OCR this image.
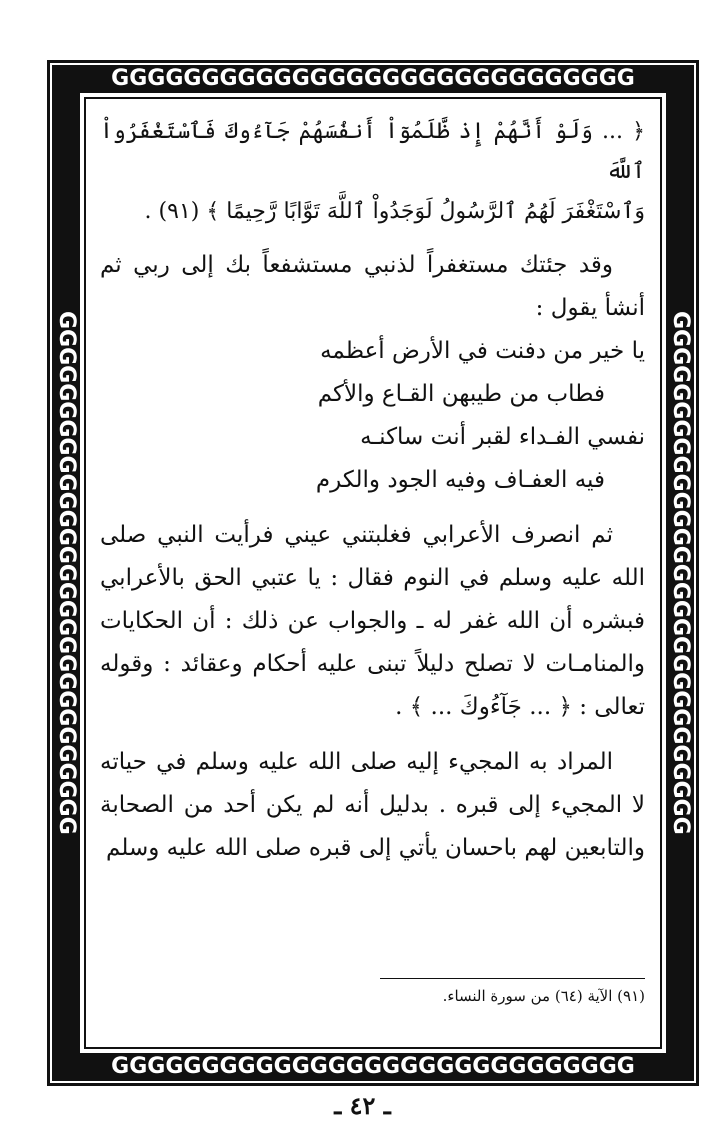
GGGGGGGGGGGGGGGGGGGGGGGGGGGGG
GGGGGGGGGGGGGGGGGGGGGGGGGGGGG
GGGGGGGGGGGGGGGGGGGGGGGGGGGGG	GGGGGGGGGGGGGGGGGGGGGGGGGGGGG

﴿ ... وَلَوْ أَنَّهُمْ إِذ ظَّلَمُوٓاْ أَنفُسَهُمْ جَآءُوكَ فَٱسْتَغْفَرُواْ ٱللَّهَ

وَٱسْتَغْفَرَ لَهُمُ ٱلرَّسُولُ لَوَجَدُواْ ٱللَّهَ تَوَّابًا رَّحِيمًا ﴾ (٩١) .

وقد جئتك مستغفراً لذنبي مستشفعاً بك إلى ربي ثم أنشأ يقول :

يا خير من دفنت في الأرض أعظمه
فطاب من طيبهن القـاع والأكم
نفسي الفـداء لقبر أنت ساكنـه
فيه العفـاف وفيه الجود والكرم

ثم انصرف الأعرابي فغلبتني عيني فرأيت النبي صلى الله عليه وسلم في النوم فقال : يا عتبي الحق بالأعرابي فبشره أن الله غفر له ـ والجواب عن ذلك : أن الحكايات والمنامـات لا تصلح دليلاً تبنى عليه أحكام وعقائد : وقوله تعالى : ﴿ ... جَآءُوكَ ... ﴾ .

المراد به المجيء إليه صلى الله عليه وسلم في حياته لا المجيء إلى قبره . بدليل أنه لم يكن أحد من الصحابة والتابعين لهم باحسان يأتي إلى قبره صلى الله عليه وسلم

(٩١) الآية (٦٤) من سورة النساء.
ـ ٤٢ ـ
